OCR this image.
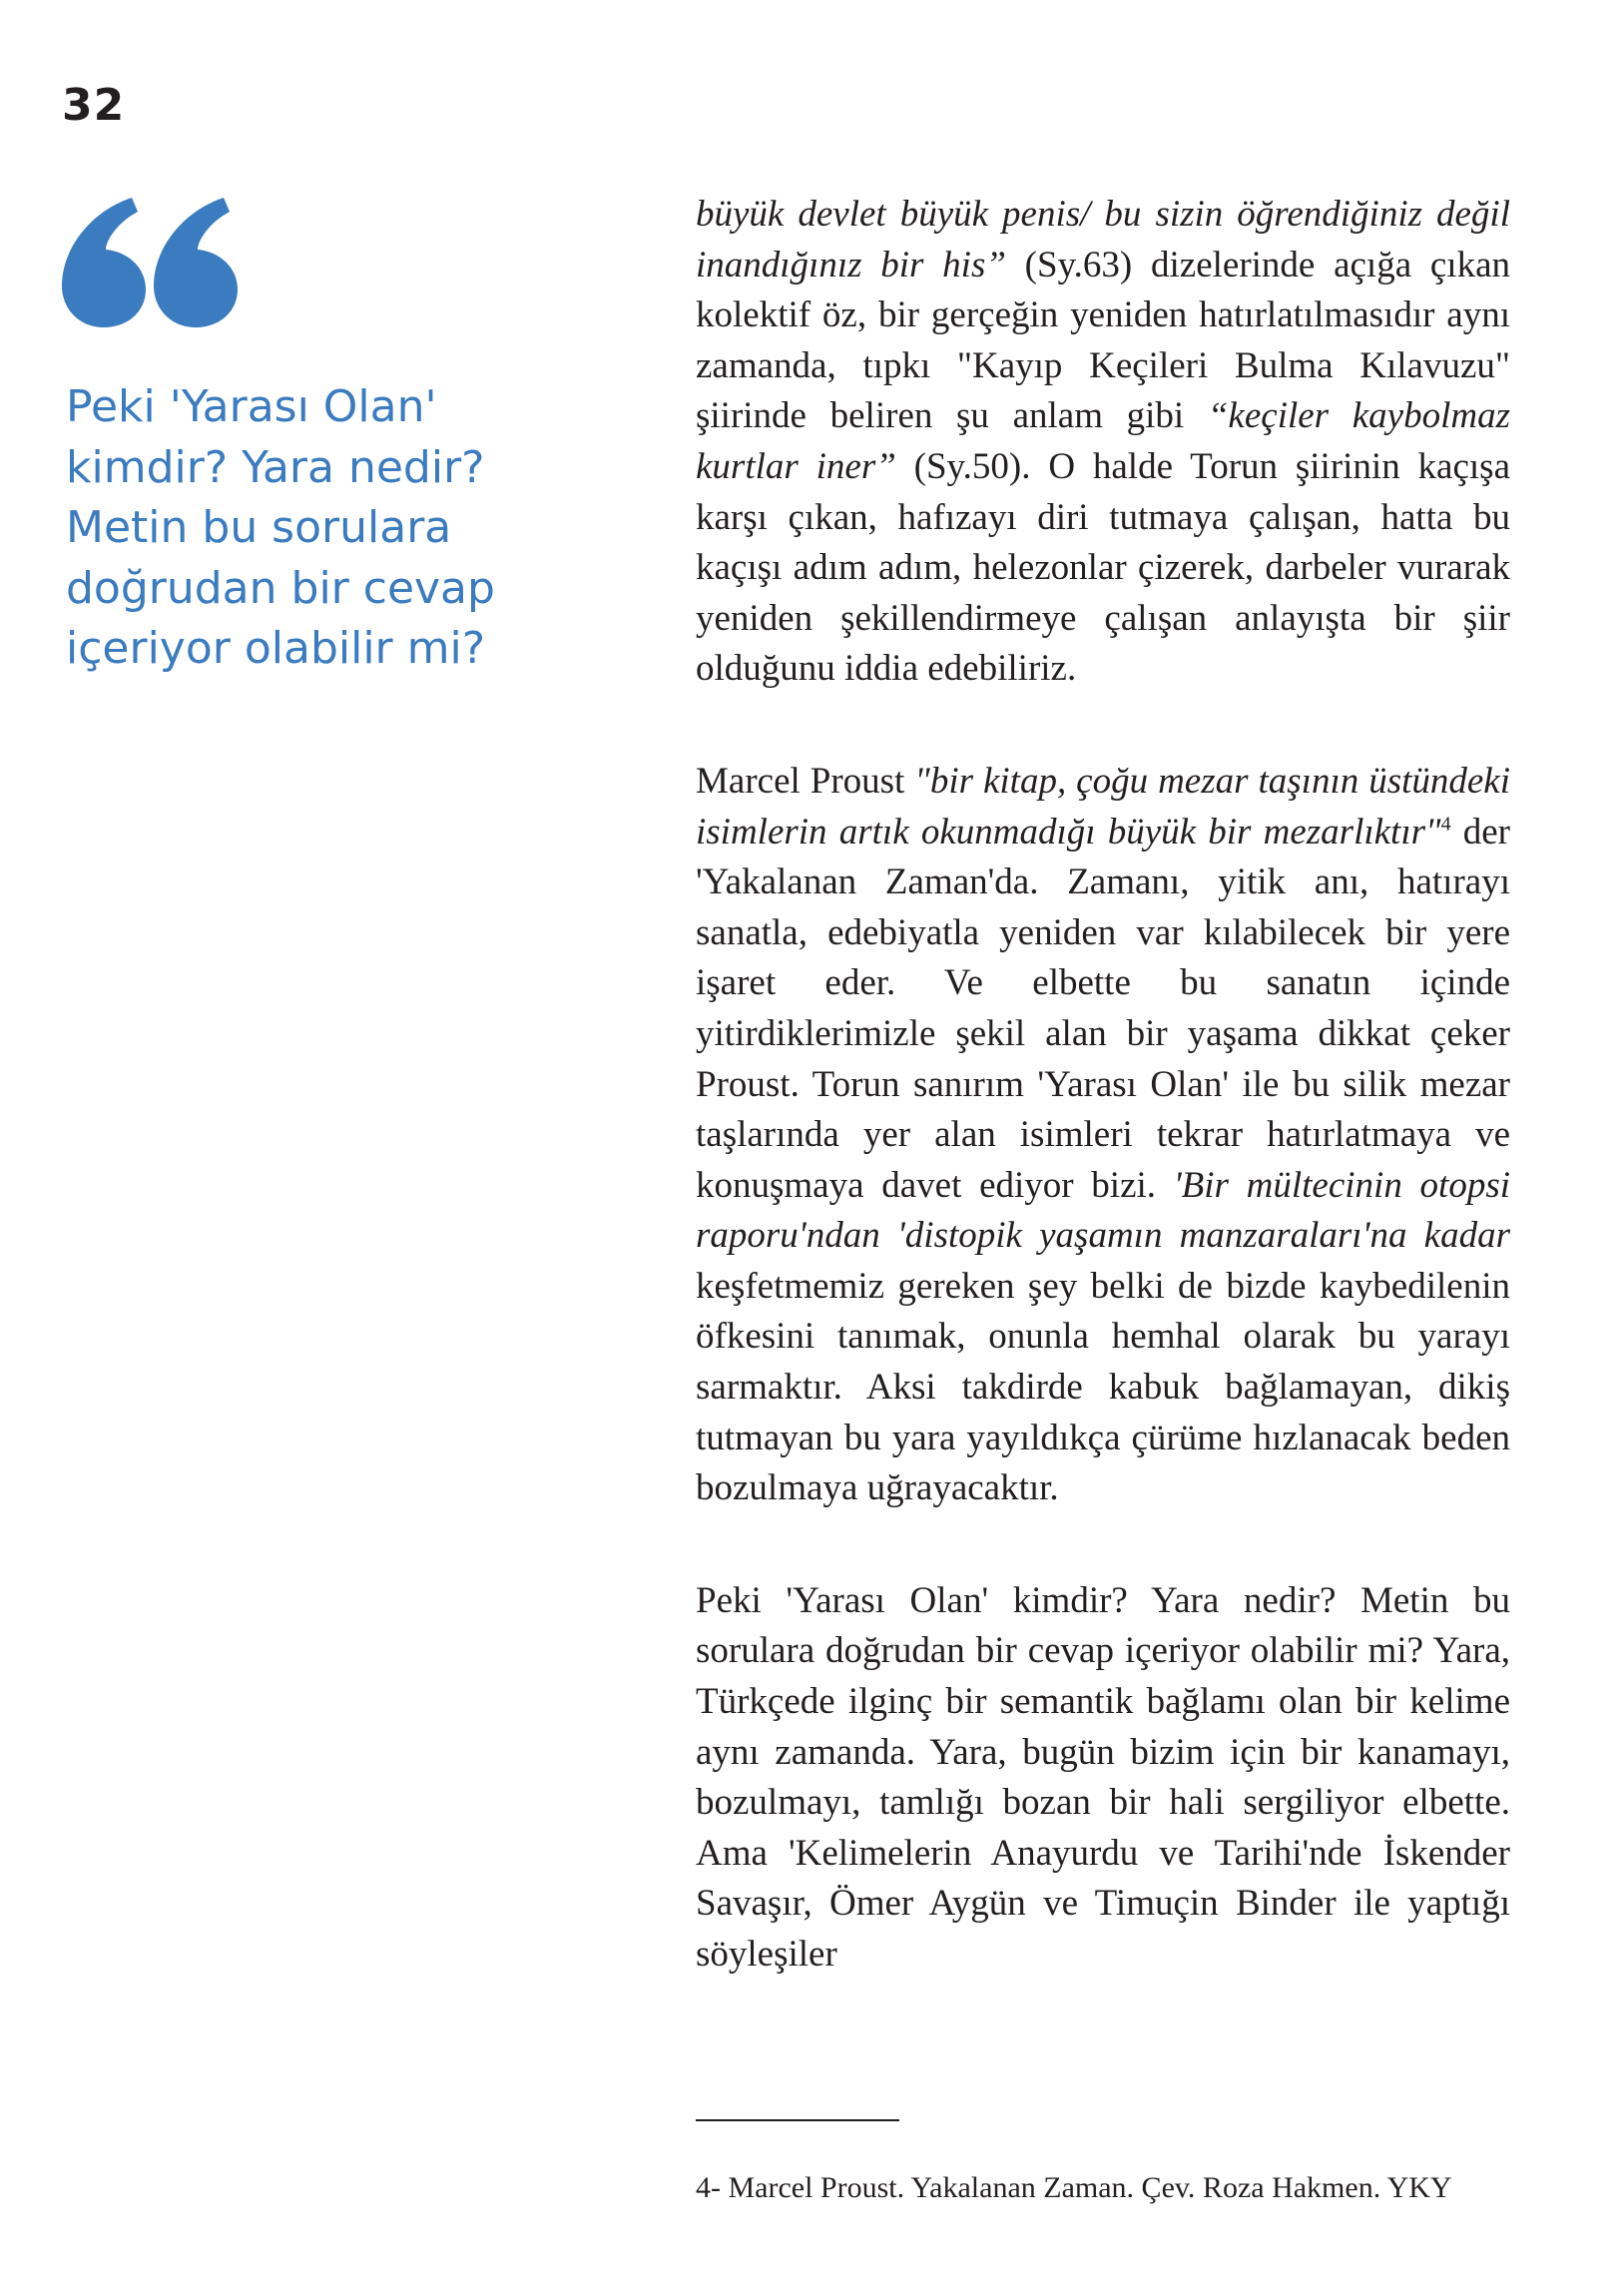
32

Peki 'Yarası Olan' kimdir? Yara nedir? Metin bu sorulara doğrudan bir cevap içeriyor olabilir mi?

büyük devlet büyük penis/ bu sizin öğrendiğiniz değil inandığınız bir his” (Sy.63) dizelerinde açığa çıkan kolektif öz, bir gerçeğin yeniden hatırlatılmasıdır aynı zamanda, tıpkı "Kayıp Keçileri Bulma Kılavuzu" şiirinde beliren şu anlam gibi “keçiler kaybolmaz kurtlar iner” (Sy.50). O halde Torun şiirinin kaçışa karşı çıkan, hafızayı diri tutmaya çalışan, hatta bu kaçışı adım adım, helezonlar çizerek, darbeler vurarak yeniden şekillendirmeye çalışan anlayışta bir şiir olduğunu iddia edebiliriz.

Marcel Proust "bir kitap, çoğu mezar taşının üstündeki isimlerin artık okunmadığı büyük bir mezarlıktır"$^4$ der 'Yakalanan Zaman'da. Zamanı, yitik anı, hatırayı sanatla, edebiyatla yeniden var kılabilecek bir yere işaret eder. Ve elbette bu sanatın içinde yitirdiklerimizle şekil alan bir yaşama dikkat çeker Proust. Torun sanırım 'Yarası Olan' ile bu silik mezar taşlarında yer alan isimleri tekrar hatırlatmaya ve konuşmaya davet ediyor bizi. 'Bir mültecinin otopsi raporu'ndan 'distopik yaşamın manzaraları'na kadar keşfetmemiz gereken şey belki de bizde kaybedilenin öfkesini tanımak, onunla hemhal olarak bu yarayı sarmaktır. Aksi takdirde kabuk bağlamayan, dikiş tutmayan bu yara yayıldıkça çürüme hızlanacak beden bozulmaya uğrayacaktır.

Peki 'Yarası Olan' kimdir? Yara nedir? Metin bu sorulara doğrudan bir cevap içeriyor olabilir mi? Yara, Türkçede ilginç bir semantik bağlamı olan bir kelime aynı zamanda. Yara, bugün bizim için bir kanamayı, bozulmayı, tamlığı bozan bir hali sergiliyor elbette. Ama 'Kelimelerin Anayurdu ve Tarihi'nde İskender Savaşır, Ömer Aygün ve Timuçin Binder ile yaptığı söyleşiler

4- Marcel Proust. Yakalanan Zaman. Çev. Roza Hakmen. YKY
